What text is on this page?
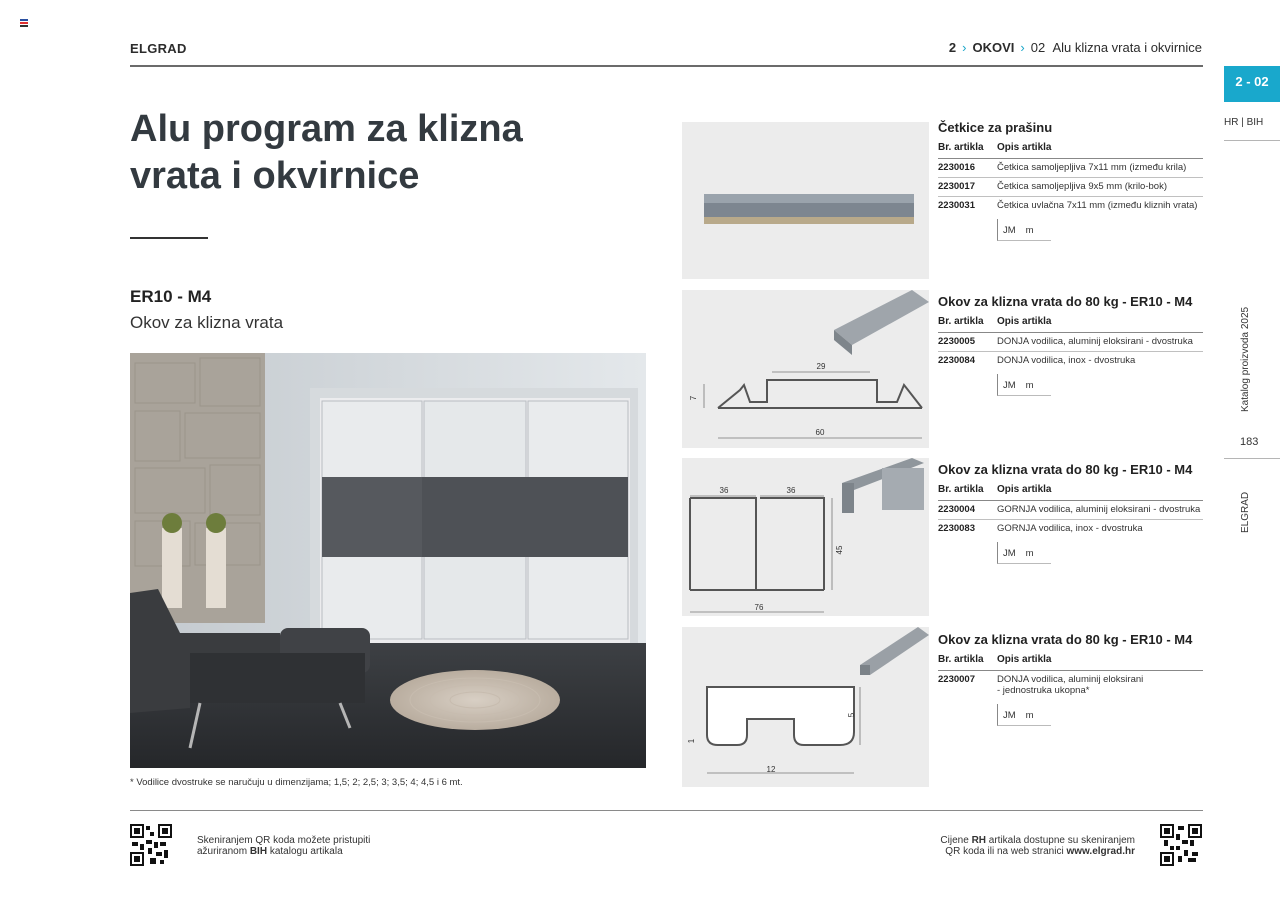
ELGRAD	2 › OKOVI › 02 Alu klizna vrata i okvirnice
2 - 02
HR | BIH
Katalog proizvoda 2025
183
ELGRAD
Alu program za klizna
vrata i okvirnice
ER10 - M4
Okov za klizna vrata
* Vodilice dvostruke se naručuju u dimenzijama; 1,5; 2; 2,5; 3; 3,5; 4; 4,5 i 6 mt.
29
7
60
36	36
45
76
5
1
12
Četkice za prašinu
Br. artikla	Opis artikla
2230016	Četkica samoljepljiva 7x11 mm (između krila)
2230017	Četkica samoljepljiva 9x5 mm (krilo-bok)
2230031	Četkica uvlačna 7x11 mm (između kliznih vrata)
JM m
Okov za klizna vrata do 80 kg - ER10 - M4
Br. artikla	Opis artikla
2230005	DONJA vodilica, aluminij eloksirani - dvostruka
2230084	DONJA vodilica, inox - dvostruka
JM m
Okov za klizna vrata do 80 kg - ER10 - M4
Br. artikla	Opis artikla
2230004	GORNJA vodilica, aluminij eloksirani - dvostruka
2230083	GORNJA vodilica, inox - dvostruka
JM m
Okov za klizna vrata do 80 kg - ER10 - M4
Br. artikla	Opis artikla
2230007	DONJA vodilica, aluminij eloksirani
- jednostruka ukopna*
JM m
Skeniranjem QR koda možete pristupiti
ažuriranom BIH katalogu artikala
Cijene RH artikala dostupne su skeniranjem
QR koda ili na web stranici www.elgrad.hr
